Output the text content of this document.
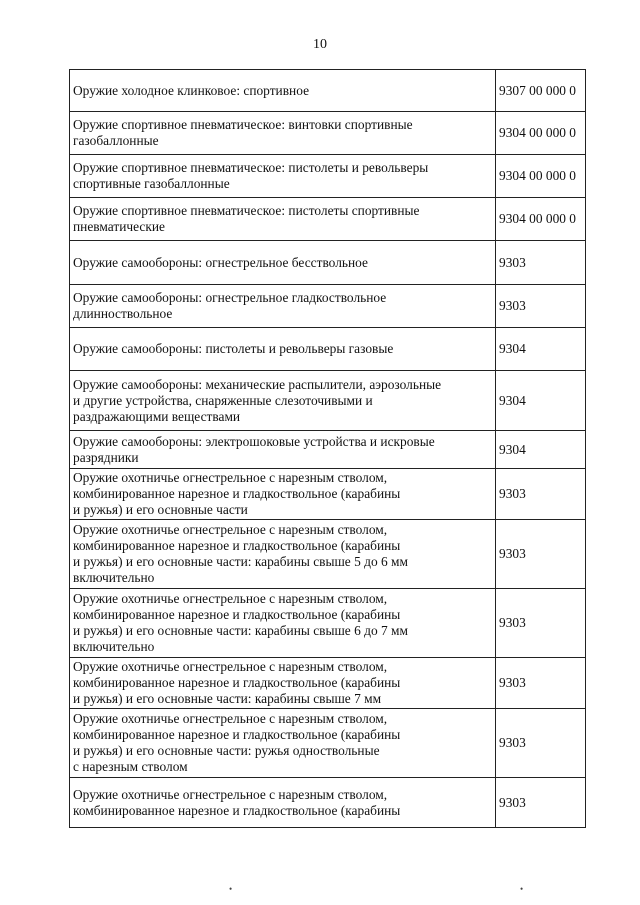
10
Оружие холодное клинковое: спортивное	9307 00 000 0
Оружие спортивное пневматическое: винтовки спортивные
газобаллонные	9304 00 000 0
Оружие спортивное пневматическое: пистолеты и револьверы
спортивные газобаллонные	9304 00 000 0
Оружие спортивное пневматическое: пистолеты спортивные
пневматические	9304 00 000 0
Оружие самообороны: огнестрельное бесствольное	9303
Оружие самообороны: огнестрельное гладкоствольное
длинноствольное	9303
Оружие самообороны: пистолеты и револьверы газовые	9304
Оружие самообороны: механические распылители, аэрозольные
и другие устройства, снаряженные слезоточивыми и
раздражающими веществами	9304
Оружие самообороны: электрошоковые устройства и искровые
разрядники	9304
Оружие охотничье огнестрельное с нарезным стволом,
комбинированное нарезное и гладкоствольное (карабины
и ружья) и его основные части	9303
Оружие охотничье огнестрельное с нарезным стволом,
комбинированное нарезное и гладкоствольное (карабины
и ружья) и его основные части: карабины свыше 5 до 6 мм
включительно	9303
Оружие охотничье огнестрельное с нарезным стволом,
комбинированное нарезное и гладкоствольное (карабины
и ружья) и его основные части: карабины свыше 6 до 7 мм
включительно	9303
Оружие охотничье огнестрельное с нарезным стволом,
комбинированное нарезное и гладкоствольное (карабины
и ружья) и его основные части: карабины свыше 7 мм	9303
Оружие охотничье огнестрельное с нарезным стволом,
комбинированное нарезное и гладкоствольное (карабины
и ружья) и его основные части: ружья одноствольные
с нарезным стволом	9303
Оружие охотничье огнестрельное с нарезным стволом,
комбинированное нарезное и гладкоствольное (карабины	9303
•	•
